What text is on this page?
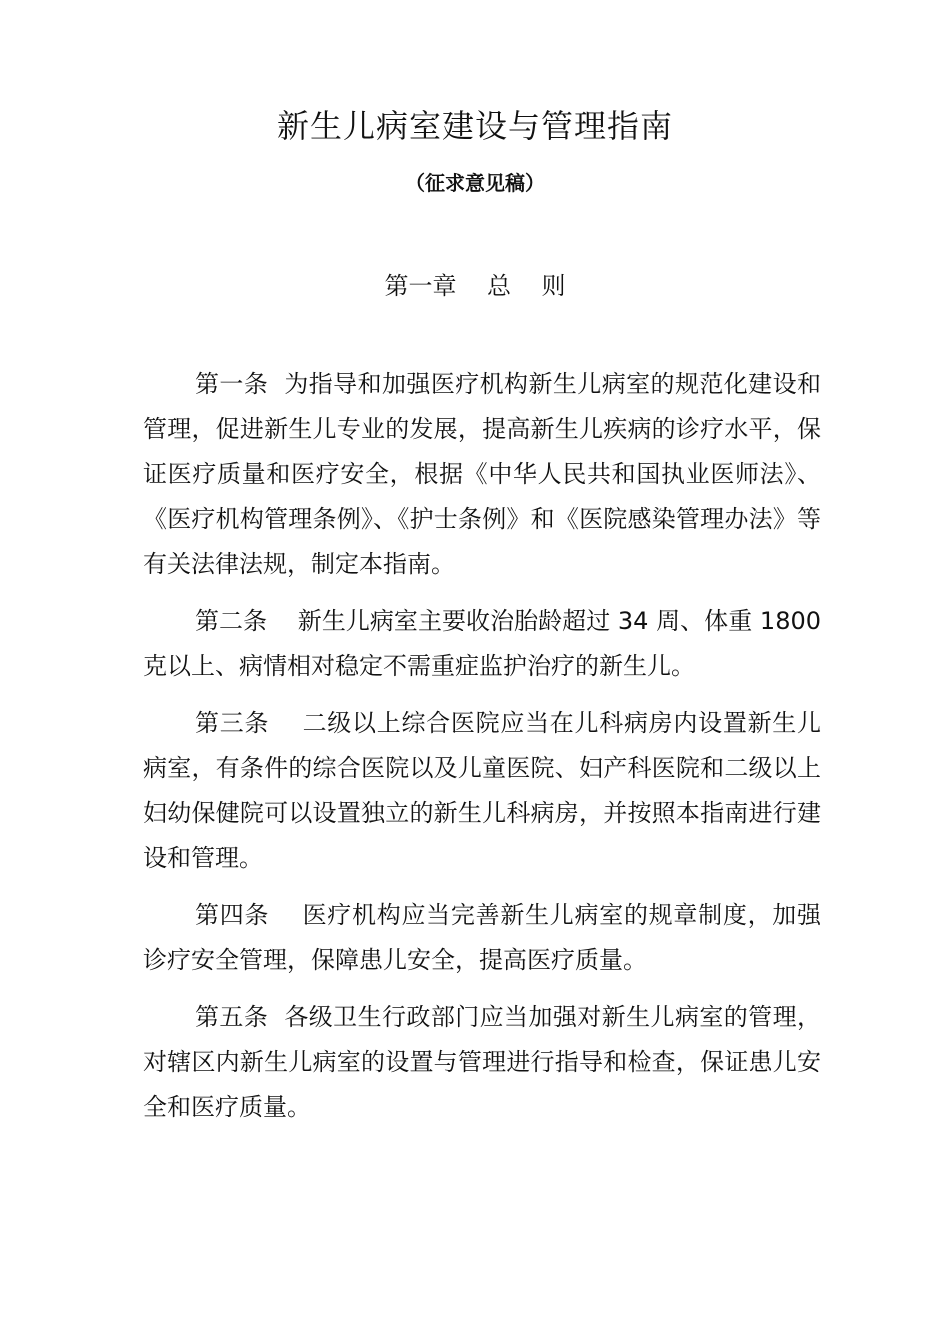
新生儿病室建设与管理指南

（征求意见稿）

第一章 总 则

第一条 为指导和加强医疗机构新生儿病室的规范化建设和管理，促进新生儿专业的发展，提高新生儿疾病的诊疗水平，保证医疗质量和医疗安全，根据《中华人民共和国执业医师法》、《医疗机构管理条例》、《护士条例》和《医院感染管理办法》等有关法律法规，制定本指南。

第二条 新生儿病室主要收治胎龄超过 34 周、体重 1800 克以上、病情相对稳定不需重症监护治疗的新生儿。

第三条 二级以上综合医院应当在儿科病房内设置新生儿病室，有条件的综合医院以及儿童医院、妇产科医院和二级以上妇幼保健院可以设置独立的新生儿科病房，并按照本指南进行建设和管理。

第四条 医疗机构应当完善新生儿病室的规章制度，加强诊疗安全管理，保障患儿安全，提高医疗质量。

第五条 各级卫生行政部门应当加强对新生儿病室的管理，对辖区内新生儿病室的设置与管理进行指导和检查，保证患儿安全和医疗质量。
